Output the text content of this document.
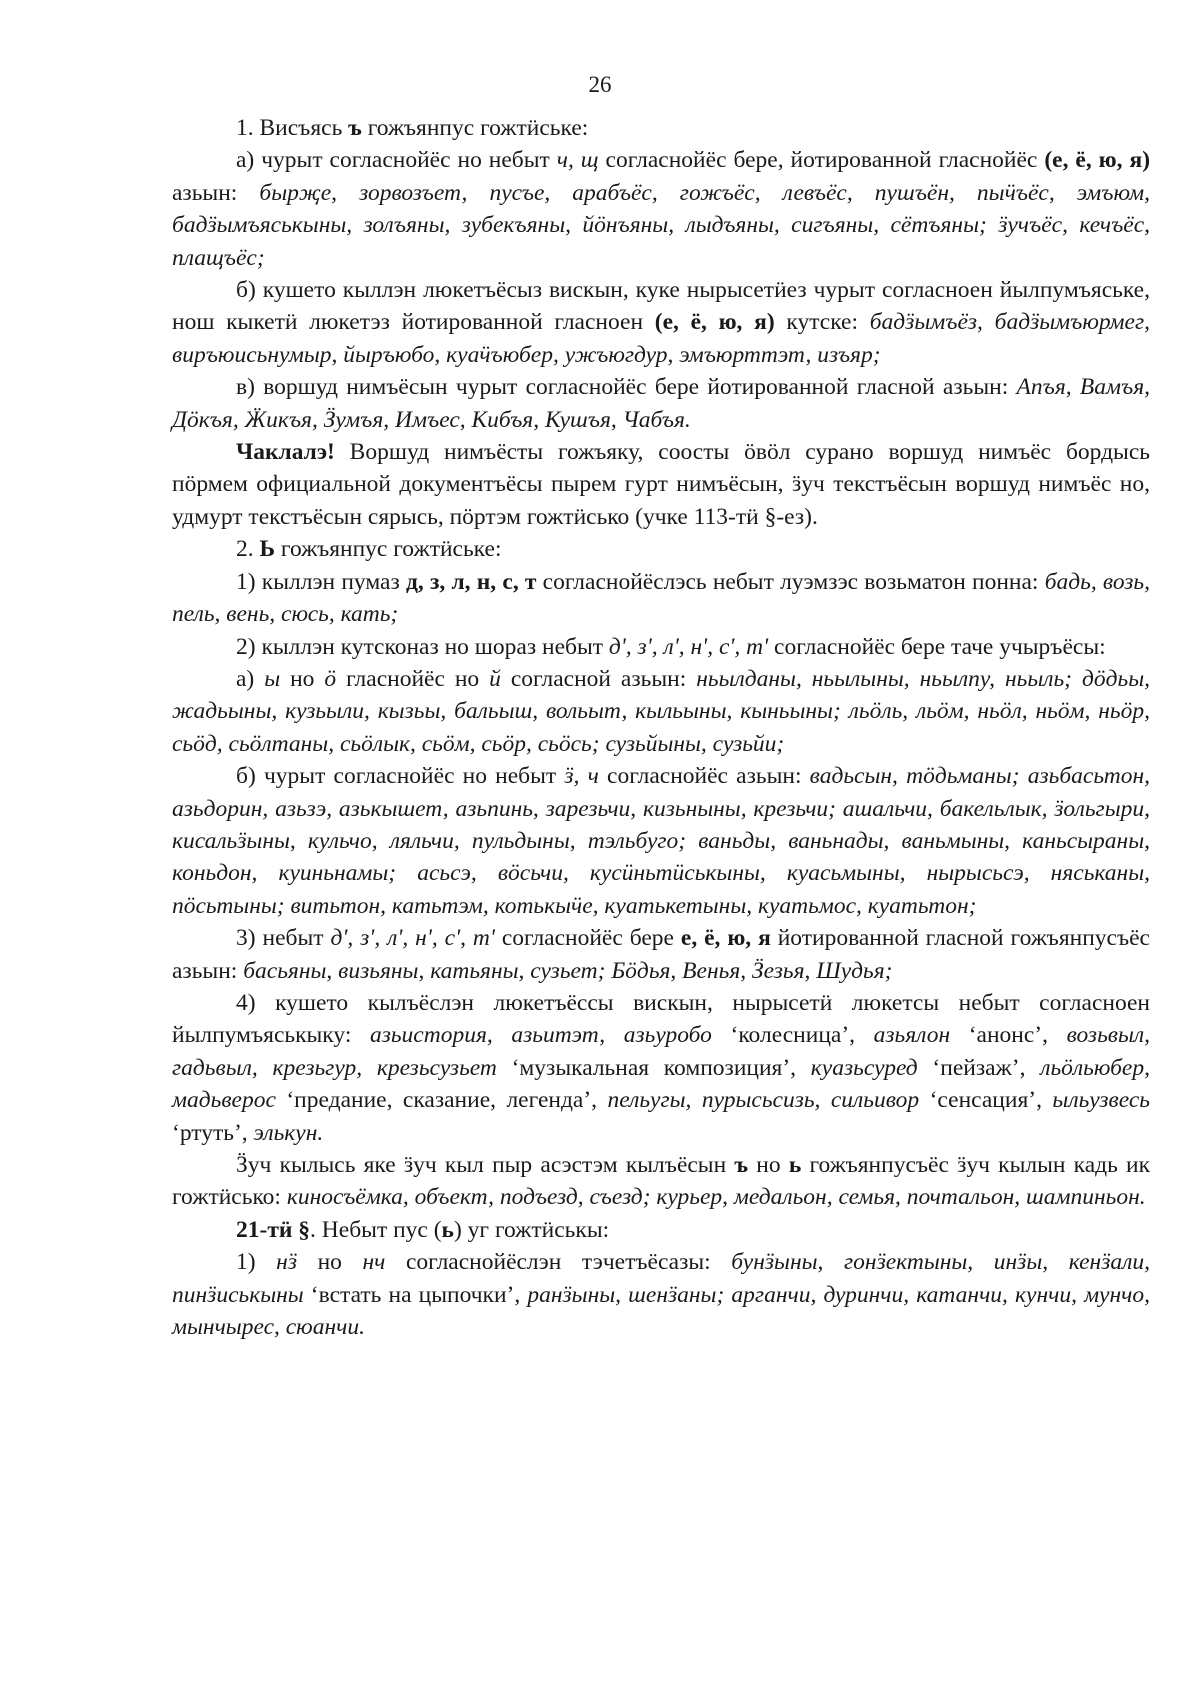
26

1. Висъясь ъ гожъянпус гожтӥське:

а) чурыт согласнойёс но небыт ч, щ согласнойёс бере, йотированной гласнойёс (е, ё, ю, я) азьын: бырҗе, зорвозъет, пусъе, арабъёс, гожъёс, левъёс, пушъён, пыӵъёс, эмъюм, бадӟымъяськыны, золъяны, зубекъяны, йӧнъяны, лыдъяны, сигъяны, сётъяны; ӟучъёс, кечъёс, плащъёс;

б) кушето кыллэн люкетъёсыз вискын, куке нырысетӥез чурыт согласноен йылпумъяське, нош кыкетӥ люкетэз йотированной гласноен (е, ё, ю, я) кутске: бадӟымъёз, бадӟымъюрмег, виръюисьнумыр, йыръюбо, куаӵъюбер, ужъюгдур, эмъюрттэт, изъяр;

в) воршуд нимъёсын чурыт согласнойёс бере йотированной гласной азьын: Апъя, Вамъя, Дӧкъя, Ӝикъя, Ӟумъя, Имъес, Кибъя, Кушъя, Чабъя.

Чаклалэ! Воршуд нимъёсты гожъяку, соосты ӧвӧл сурано воршуд нимъёс бордысь пӧрмем официальной документъёсы пырем гурт нимъёсын, ӟуч текстъёсын воршуд нимъёс но, удмурт текстъёсын сярысь, пӧртэм гожтӥсько (учке 113-тӥ §-ез).

2. Ь гожъянпус гожтӥське:

1) кыллэн пумаз д, з, л, н, с, т согласнойёслэсь небыт луэмзэс возьматон понна: бадь, возь, пель, вень, сюсь, кать;

2) кыллэн кутсконаз но шораз небыт д', з', л', н', с', т' согласнойёс бере таче учыръёсы:

а) ы но ӧ гласнойёс но й согласной азьын: ньылданы, ньылыны, ньылпу, ньыль; дӧдьы, жадьыны, кузьыли, кызьы, бальыш, вольыт, кыльыны, кыньыны; льӧль, льӧм, ньӧл, ньӧм, ньӧр, сьӧд, сьӧлтаны, сьӧлык, сьӧм, сьӧр, сьӧсь; сузьйыны, сузьйи;

б) чурыт согласнойёс но небыт ӟ, ч согласнойёс азьын: вадьсын, тӧдьманы; азьбасьтон, азьдорин, азьзэ, азькышет, азьпинь, зарезьчи, кизьныны, крезьчи; ашальчи, бакельлык, ӟольгыри, кисальӟыны, кульчо, ляльчи, пульдыны, тэльбуго; ваньды, ваньнады, ваньмыны, каньсыраны, коньдон, куиньнамы; асьсэ, вӧсьчи, кусӥньтӥськыны, куасьмыны, нырысьсэ, няськаны, пӧсьтыны; витьтон, катьтэм, котькыӵе, куатькетыны, куатьмос, куатьтон;

3) небыт д', з', л', н', с', т' согласнойёс бере е, ё, ю, я йотированной гласной гожъянпусъёс азьын: басьяны, визьяны, катьяны, сузьет; Бӧдья, Венья, Ӟезья, Шудья;

4) кушето кылъёслэн люкетъёссы вискын, нырысетӥ люкетсы небыт согласноен йылпумъяськыку: азьистория, азьитэт, азьуробо ‘колесница’, азьялон ‘анонс’, возьвыл, гадьвыл, крезьгур, крезьсузьет ‘музыкальная композиция’, куазьсуред ‘пейзаж’, льӧльюбер, мадьверос ‘предание, сказание, легенда’, пельугы, пурысьсизь, сильивор ‘сенсация’, ыльузвесь ‘ртуть’, элькун.

Ӟуч кылысь яке ӟуч кыл пыр асэстэм кылъёсын ъ но ь гожъянпусъёс ӟуч кылын кадь ик гожтӥсько: киносъёмка, объект, подъезд, съезд; курьер, медальон, семья, почтальон, шампиньон.

21-тӥ §. Небыт пус (ь) уг гожтӥськы:

1) нӟ но нч согласнойёслэн тэчетъёсазы: бунӟыны, гонӟектыны, инӟы, кенӟали, пинӟиськыны ‘встать на цыпочки’, ранӟыны, шенӟаны; арганчи, дуринчи, катанчи, кунчи, мунчо, мынчырес, сюанчи.
